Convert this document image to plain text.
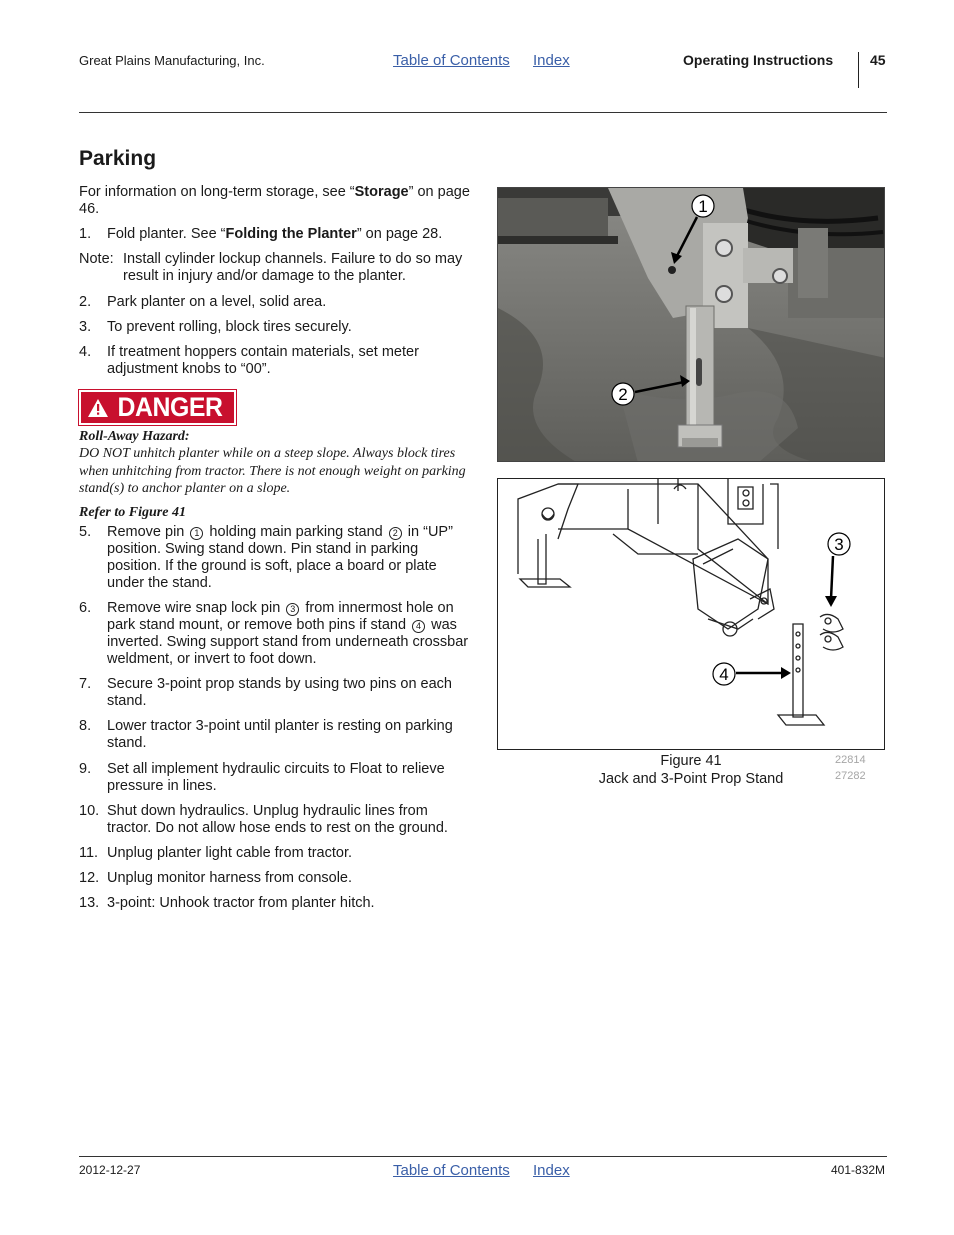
Great Plains Manufacturing, Inc.	Table of Contents Index	Operating Instructions	45
Parking
For information on long-term storage, see “Storage” on page 46.
1.	Fold planter. See “Folding the Planter” on page 28.
Note: Install cylinder lockup channels. Failure to do so may result in injury and/or damage to the planter.
2.	Park planter on a level, solid area.
3.	To prevent rolling, block tires securely.
4.	If treatment hoppers contain materials, set meter adjustment knobs to “00”.
DANGER
Roll-Away Hazard:
DO NOT unhitch planter while on a steep slope. Always block tires when unhitching from tractor. There is not enough weight on parking stand(s) to anchor planter on a slope.
Refer to Figure 41
5.	Remove pin 1 holding main parking stand 2 in “UP” position. Swing stand down. Pin stand in parking position. If the ground is soft, place a board or plate under the stand.
6.	Remove wire snap lock pin 3 from innermost hole on park stand mount, or remove both pins if stand 4 was inverted. Swing support stand from underneath crossbar weldment, or invert to foot down.
7.	Secure 3-point prop stands by using two pins on each stand.
8.	Lower tractor 3-point until planter is resting on parking stand.
9.	Set all implement hydraulic circuits to Float to relieve pressure in lines.
10. Shut down hydraulics. Unplug hydraulic lines from tractor. Do not allow hose ends to rest on the ground.
11. Unplug planter light cable from tractor.
12. Unplug monitor harness from console.
13. 3-point: Unhook tractor from planter hitch.
1
2
3
4
Figure 41
Jack and 3-Point Prop Stand
22814
27282
2012-12-27	Table of Contents Index	401-832M
